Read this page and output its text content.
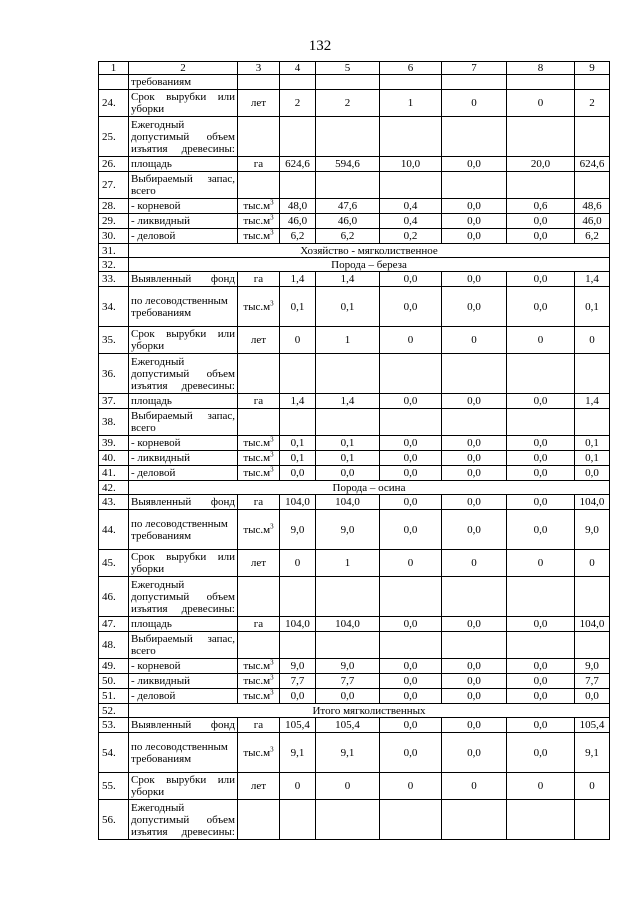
132
1	2	3	4	5	6	7	8	9
	требованиям							
24.	Срок вырубки или уборки	лет	2	2	1	0	0	2
25.	Ежегодный допустимый объем изъятия древесины:							
26.	площадь	га	624,6	594,6	10,0	0,0	20,0	624,6
27.	Выбираемый запас, всего							
28.	- корневой	$тыс.м^3$	48,0	47,6	0,4	0,0	0,6	48,6
29.	- ликвидный	$тыс.м^3$	46,0	46,0	0,4	0,0	0,0	46,0
30.	- деловой	$тыс.м^3$	6,2	6,2	0,2	0,0	0,0	6,2
31.	Хозяйство - мягколиственное							
32.	Порода – береза							
33.	Выявленный фонд	га	1,4	1,4	0,0	0,0	0,0	1,4
34.	по лесоводственным требованиям	$тыс.м^3$	0,1	0,1	0,0	0,0	0,0	0,1
35.	Срок вырубки или уборки	лет	0	1	0	0	0	0
36.	Ежегодный допустимый объем изъятия древесины:							
37.	площадь	га	1,4	1,4	0,0	0,0	0,0	1,4
38.	Выбираемый запас, всего							
39.	- корневой	$тыс.м^3$	0,1	0,1	0,0	0,0	0,0	0,1
40.	- ликвидный	$тыс.м^3$	0,1	0,1	0,0	0,0	0,0	0,1
41.	- деловой	$тыс.м^3$	0,0	0,0	0,0	0,0	0,0	0,0
42.	Порода – осина							
43.	Выявленный фонд	га	104,0	104,0	0,0	0,0	0,0	104,0
44.	по лесоводственным требованиям	$тыс.м^3$	9,0	9,0	0,0	0,0	0,0	9,0
45.	Срок вырубки или уборки	лет	0	1	0	0	0	0
46.	Ежегодный допустимый объем изъятия древесины:							
47.	площадь	га	104,0	104,0	0,0	0,0	0,0	104,0
48.	Выбираемый запас, всего							
49.	- корневой	$тыс.м^3$	9,0	9,0	0,0	0,0	0,0	9,0
50.	- ликвидный	$тыс.м^3$	7,7	7,7	0,0	0,0	0,0	7,7
51.	- деловой	$тыс.м^3$	0,0	0,0	0,0	0,0	0,0	0,0
52.	Итого мягколиственных							
53.	Выявленный фонд	га	105,4	105,4	0,0	0,0	0,0	105,4
54.	по лесоводственным требованиям	$тыс.м^3$	9,1	9,1	0,0	0,0	0,0	9,1
55.	Срок вырубки или уборки	лет	0	0	0	0	0	0
56.	Ежегодный допустимый объем изъятия древесины:							
